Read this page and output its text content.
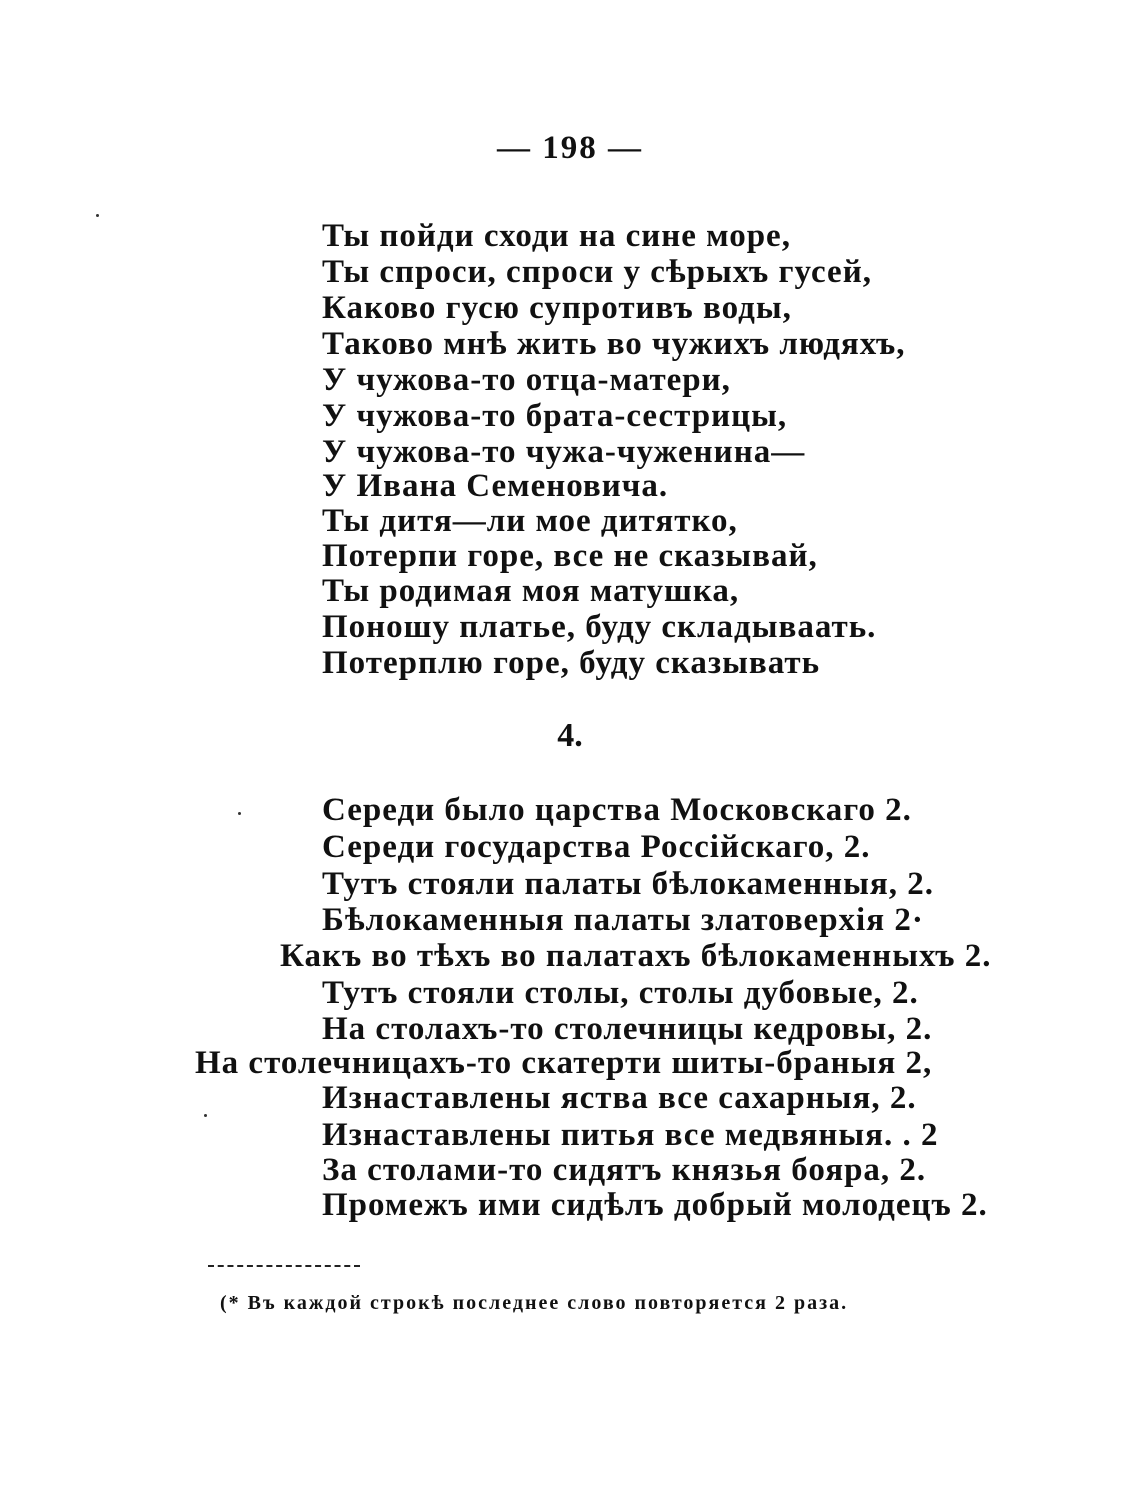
— 198 —

Ты пойди сходи на сине море,

Ты спроси, спроси у сѣрыхъ гусей,

Каково гусю супротивъ воды,

Таково мнѣ жить во чужихъ людяхъ,

У чужова-то отца-матери,

У чужова-то брата-сестрицы,

У чужова-то чужа-чуженина—

У Ивана Семеновича.

Ты дитя—ли мое дитятко,

Потерпи горе, все не сказывай,

Ты родимая моя матушка,

Поношу платье, буду складываать.

Потерплю горе, буду сказывать

4.

Середи было царства Московскаго 2.

Середи государства Россійскаго, 2.

Тутъ стояли палаты бѣлокаменныя, 2.

Бѣлокаменныя палаты златоверхія 2·

Какъ во тѣхъ во палатахъ бѣлокаменныхъ 2.

Тутъ стояли столы, столы дубовые, 2.

На столахъ-то столечницы кедровы, 2.

На столечницахъ-то скатерти шиты-браныя 2,

Изнаставлены яства все сахарныя, 2.

Изнаставлены питья все медвяныя. . 2

За столами-то сидятъ князья бояра, 2.

Промежъ ими сидѣлъ добрый молодецъ 2.

(* Въ каждой строкѣ последнее слово повторяется 2 раза.
